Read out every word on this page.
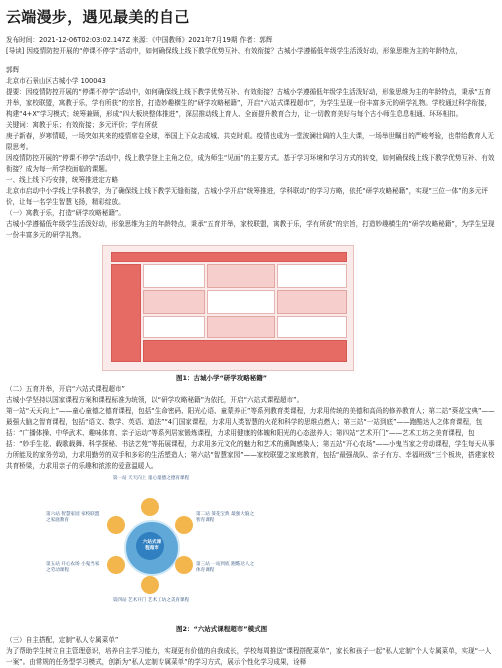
云端漫步，遇见最美的自己
发布时间：2021-12-06T02:03:02.147Z 来源：《中国教师》2021年7月19期 作者：郭辉
[导读] 因疫情防控开展的“停课不停学”活动中，如何确保线上线下教学优势互补、有效衔接？古城小学遵循低年级学生活泼好动，形象思维为主的年龄特点，

郭辉

北京市石景山区古城小学 100043

提要：因疫情防控开展的“停课不停学”活动中，如何确保线上线下教学优势互补、有效衔接？古城小学遵循低年级学生活泼好动，形象思维为主的年龄特点，秉承“五育并举，家校联盟，寓教于乐，学有所获”的宗旨，打造妙趣横生的“研学攻略秘籍”，开启“六站式课程超市”，为学生呈现一份丰富多元的研学礼物。学校通过科学衔接，构建“4+X”学习模式；统筹兼顾，形成“四大板块整体推进”，深层推动线上育人、全面提升教育合力，让一切教育美好与每个古小师生息息相通、环环相扣。

关键词：寓教于乐；有效衔接；多元评价；学有所获

庚子新春，岁寒情暖，一场突如其来的疫情席卷全球，举国上下众志成城、共克时艰。疫情也成为一堂波澜壮阔的人生大课，一场举世瞩目的严峻考验，也带给教育人无限思考。

因疫情防控开展的“停课不停学”活动中，线上教学登上主角之位，成为师生“见面”的主要方式。基于学习环境和学习方式的转变，如何确保线上线下教学优势互补、有效衔接？成为每一所学校面临的课题。

一、线上线下巧安排，统筹推进定方略

北京市启动中小学线上学科教学，为了确保线上线下教学无缝衔接，古城小学开启“统筹推进，学科联动”的学习方略，依托“研学攻略秘籍”，实现“三位一体”的多元评价，让每一名学生智慧飞扬，精彩绽放。

（一）寓教于乐，打造“研学攻略秘籍”。

古城小学遵循低年级学生活泼好动，形象思维为主的年龄特点，秉承“五育并举，家校联盟，寓教于乐，学有所获”的宗旨，打造妙趣横生的“研学攻略秘籍”，为学生呈现一份丰富多元的研学礼物。

图1：古城小学“研学攻略秘籍”

（二）五育并举，开启“六站式课程超市”

古城小学坚持以国家课程方案和课程标准为统领，以“研学攻略秘籍”为依托，开启“六站式课程超市”。

第一站“天天向上”——童心童德之德育课程，包括“生命密码、阳光心语、童蒙养正”等系列教育类课程，力求用传统的美德和高尚的修养教育人；第二站“葵花宝典”——最强大脑之智育课程，包括“语文、数学、英语、道法”“4门国家课程，力求用人类智慧的火花和科学的思维点燃人；第三站“一站到底”——跑酷达人之体育课程，包括：“广播体操、中华武术、趣味体育、亲子运动”等系列居家锻炼课程，力求用健康的体魄和阳光的心态滋养人；第四站“艺术开门”——艺术工坊之美育课程，包括：“妙手生花、载歌载舞、科学探秘、书法艺苑”等拓展课程，力求用多元文化的魅力和艺术的熏陶感染人；第五站“开心农场”——小鬼当家之劳动课程，学生每天从事力所能及的家务劳动，力求用勤劳的双手和多彩的生活塑造人；第六站“智慧家园”——家校联盟之家庭教育，包括“最强战队、亲子有方、幸福班级”三个板块，搭建家校共育桥梁，力求用亲子的乐趣和浓浓的爱意温暖人。

六站式课程超市
第一站 天天向上 童心童德之德育课程
第二站 葵花宝典 最强大脑之智育课程
第三站 一站到底 跑酷达人之体育课程
第四站 艺术开门 艺术工坊之美育课程
第五站 开心农场 小鬼当家之劳动课程
第六站 智慧家园 家校联盟之家庭教育
图2：“六站式课程超市”模式图

（三）自主搭配，定制“私人专属菜单”

为了帮助学生树立自主管理意识，培养自主学习能力，实现更有价值的自我成长，学校每周推送“课程搭配菜单”，家长和孩子一起“私人定制”个人专属菜单，实现“一人一案”。由常规的任务型学习模式，创新为“私人定制专属菜单”的学习方式，展示个性化学习成果，诠释
